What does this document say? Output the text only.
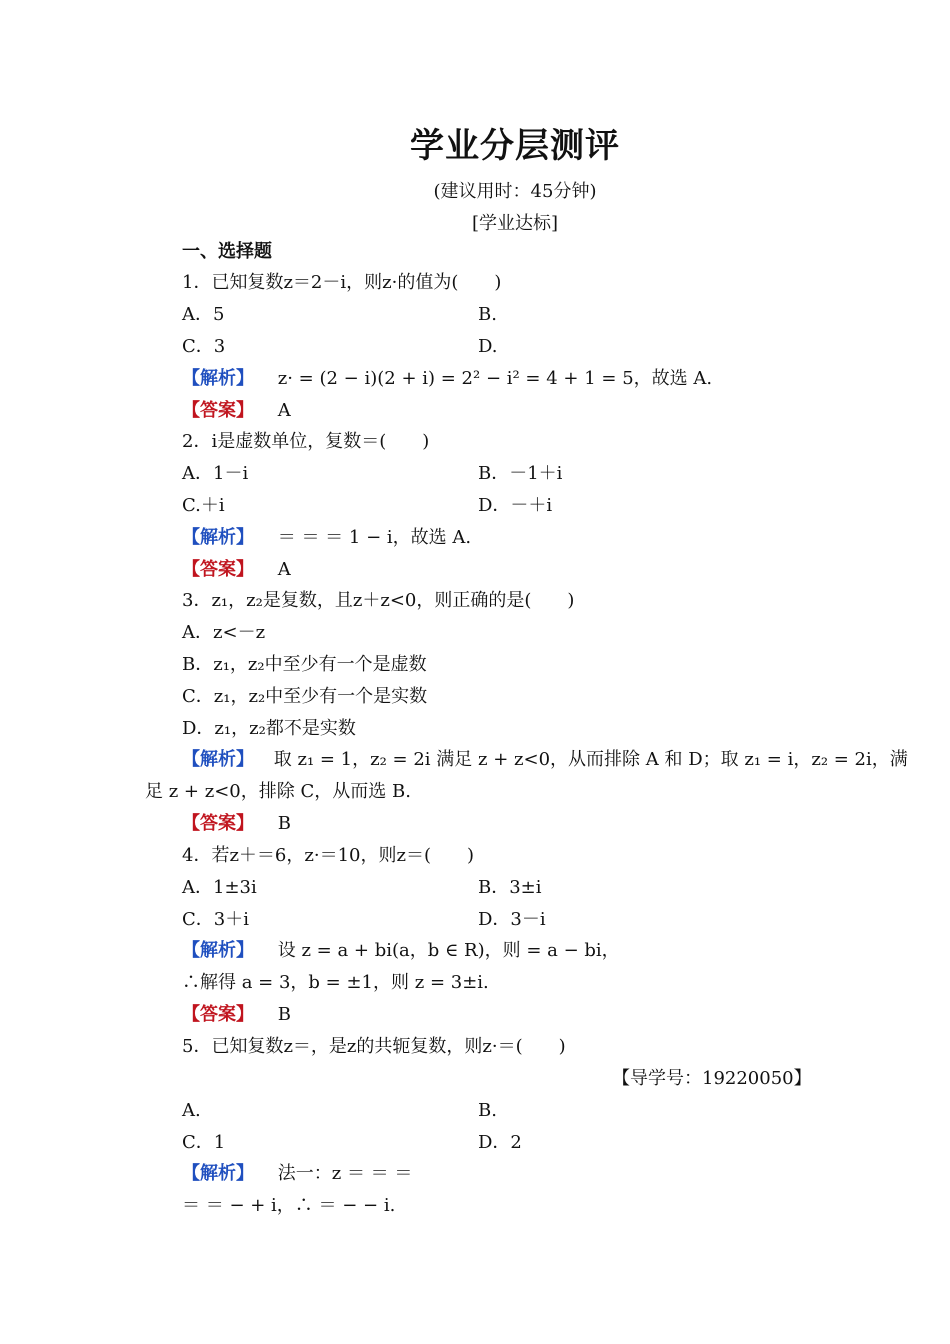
学业分层测评
(建议用时：45分钟)
[学业达标]
一、选择题
1．已知复数z＝2－i，则z·的值为(　　)
A．5	B.
C．3	D.
【解析】 z· = (2 − i)(2 + i) = 2² − i² = 4 + 1 = 5，故选 A.
【答案】 A
2．i是虚数单位，复数＝(　　)
A．1－i	B．－1＋i
C.＋i	D．－＋i
【解析】 ＝ ＝ ＝ 1 − i，故选 A.
【答案】 A
3．z₁，z₂是复数，且z＋z<0，则正确的是(　　)
A．z<－z
B．z₁，z₂中至少有一个是虚数
C．z₁，z₂中至少有一个是实数
D．z₁，z₂都不是实数
【解析】 取 z₁ = 1，z₂ = 2i 满足 z + z<0，从而排除 A 和 D；取 z₁ = i，z₂ = 2i，满
足 z + z<0，排除 C，从而选 B.
【答案】 B
4．若z＋＝6，z·＝10，则z＝(　　)
A．1±3i	B．3±i
C．3＋i	D．3－i
【解析】 设 z = a + bi(a，b ∈ R)，则 = a − bi，
∴解得 a = 3，b = ±1，则 z = 3±i.
【答案】 B
5．已知复数z＝，是z的共轭复数，则z·＝(　　)
【导学号：19220050】
A.	B.
C．1	D．2
【解析】 法一：z ＝ ＝ ＝
＝ ＝ − + i，∴ ＝ − − i.
